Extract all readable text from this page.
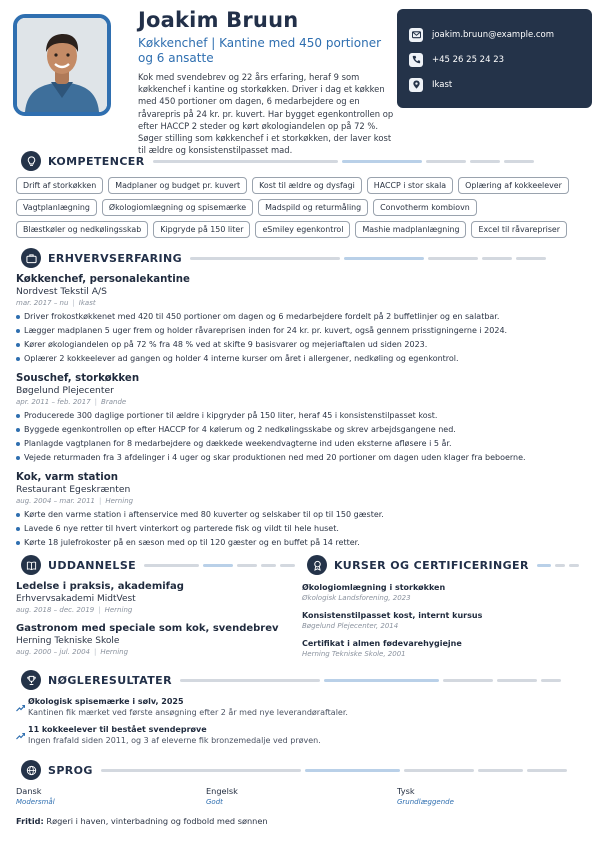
Joakim Bruun
Køkkenchef | Kantine med 450 portioner og 6 ansatte
Kok med svendebrev og 22 års erfaring, heraf 9 som køkkenchef i kantine og storkøkken. Driver i dag et køkken med 450 portioner om dagen, 6 medarbejdere og en råvarepris på 24 kr. pr. kuvert. Har bygget egenkontrollen op efter HACCP 2 steder og kørt økologiandelen op på 72 %. Søger stilling som køkkenchef i et storkøkken, der laver kost til ældre og konsistenstilpasset mad.
joakim.bruun@example.com
+45 26 25 24 23
Ikast
KOMPETENCER
Drift af storkøkken	Madplaner og budget pr. kuvert	Kost til ældre og dysfagi	HACCP i stor skala	Oplæring af kokkeelever
Vagtplanlægning	Økologiomlægning og spisemærke	Madspild og returmåling	Convotherm kombiovn
Blæstkøler og nedkølingsskab	Kipgryde på 150 liter	eSmiley egenkontrol	Mashie madplanlægning	Excel til råvarepriser
ERHVERVSERFARING
Køkkenchef, personalekantine
Nordvest Tekstil A/S
mar. 2017 – nu | Ikast
Driver frokostkøkkenet med 420 til 450 portioner om dagen og 6 medarbejdere fordelt på 2 buffetlinjer og en salatbar.
Lægger madplanen 5 uger frem og holder råvareprisen inden for 24 kr. pr. kuvert, også gennem prisstigningerne i 2024.
Kører økologiandelen op på 72 % fra 48 % ved at skifte 9 basisvarer og mejeriaftalen ud siden 2023.
Oplærer 2 kokkeelever ad gangen og holder 4 interne kurser om året i allergener, nedkøling og egenkontrol.
Souschef, storkøkken
Bøgelund Plejecenter
apr. 2011 – feb. 2017 | Brande
Producerede 300 daglige portioner til ældre i kipgryder på 150 liter, heraf 45 i konsistenstilpasset kost.
Byggede egenkontrollen op efter HACCP for 4 kølerum og 2 nedkølingsskabe og skrev arbejdsgangene ned.
Planlagde vagtplanen for 8 medarbejdere og dækkede weekendvagterne ind uden eksterne afløsere i 5 år.
Vejede returmaden fra 3 afdelinger i 4 uger og skar produktionen ned med 20 portioner om dagen uden klager fra beboerne.
Kok, varm station
Restaurant Egeskrænten
aug. 2004 – mar. 2011 | Herning
Kørte den varme station i aftenservice med 80 kuverter og selskaber til op til 150 gæster.
Lavede 6 nye retter til hvert vinterkort og parterede fisk og vildt til hele huset.
Kørte 18 julefrokoster på en sæson med op til 120 gæster og en buffet på 14 retter.
UDDANNELSE
Ledelse i praksis, akademifag
Erhvervsakademi MidtVest
aug. 2018 – dec. 2019 | Herning
Gastronom med speciale som kok, svendebrev
Herning Tekniske Skole
aug. 2000 – jul. 2004 | Herning
KURSER OG CERTIFICERINGER
Økologiomlægning i storkøkken
Økologisk Landsforening, 2023
Konsistenstilpasset kost, internt kursus
Bøgelund Plejecenter, 2014
Certifikat i almen fødevarehygiejne
Herning Tekniske Skole, 2001
NØGLERESULTATER
Økologisk spisemærke i sølv, 2025
Kantinen fik mærket ved første ansøgning efter 2 år med nye leverandøraftaler.
11 kokkeelever til bestået svendeprøve
Ingen frafald siden 2011, og 3 af eleverne fik bronzemedalje ved prøven.
SPROG
Dansk
Modersmål
Engelsk
Godt
Tysk
Grundlæggende
Fritid: Røgeri i haven, vinterbadning og fodbold med sønnen
